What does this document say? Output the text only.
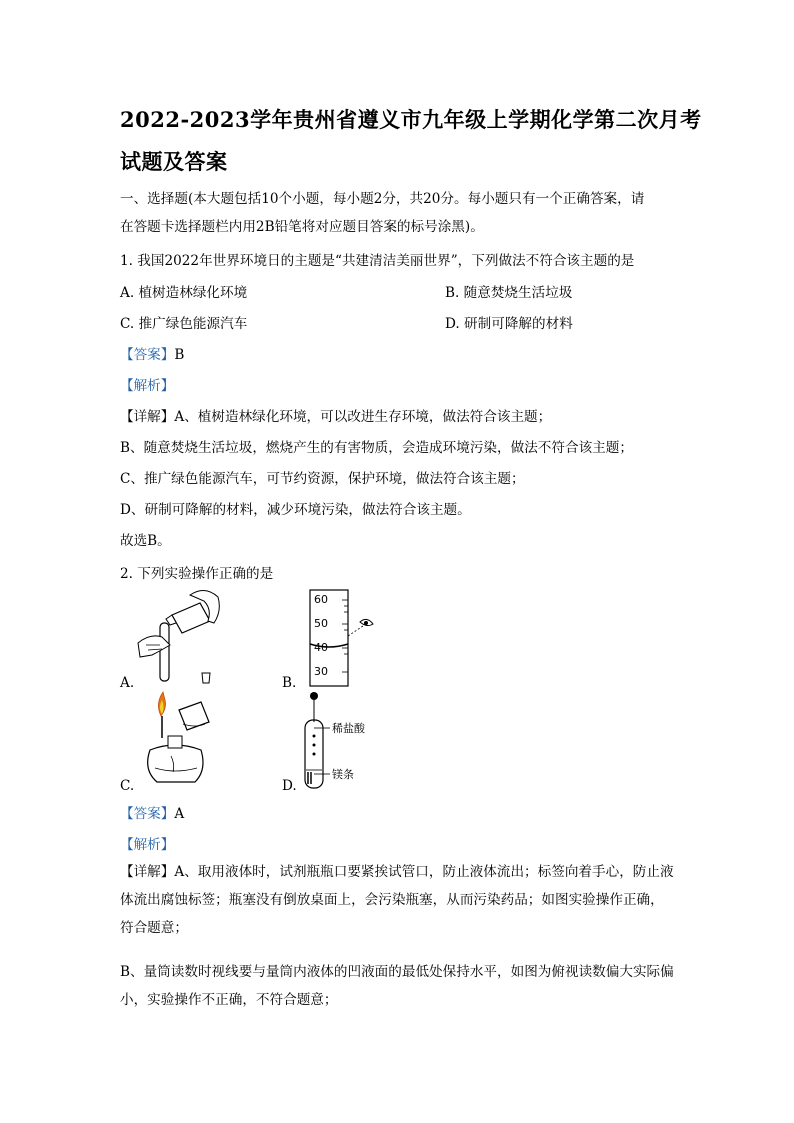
2022-2023学年贵州省遵义市九年级上学期化学第二次月考
试题及答案
一、选择题(本大题包括10个小题，每小题2分，共20分。每小题只有一个正确答案，请
在答题卡选择题栏内用2B铅笔将对应题目答案的标号涂黑)。
1. 我国2022年世界环境日的主题是“共建清洁美丽世界”，下列做法不符合该主题的是
A. 植树造林绿化环境	B. 随意焚烧生活垃圾
C. 推广绿色能源汽车	D. 研制可降解的材料
【答案】B
【解析】
【详解】A、植树造林绿化环境，可以改进生存环境，做法符合该主题；
B、随意焚烧生活垃圾，燃烧产生的有害物质，会造成环境污染，做法不符合该主题；
C、推广绿色能源汽车，可节约资源，保护环境，做法符合该主题；
D、研制可降解的材料，减少环境污染，做法符合该主题。
故选B。
2. 下列实验操作正确的是
A.
60
50
40
30
B.
C.
稀盐酸
镁条
D.
【答案】A
【解析】
【详解】A、取用液体时，试剂瓶瓶口要紧挨试管口，防止液体流出；标签向着手心，防止液体流出腐蚀标签；瓶塞没有倒放桌面上，会污染瓶塞，从而污染药品；如图实验操作正确，符合题意；
B、量筒读数时视线要与量筒内液体的凹液面的最低处保持水平，如图为俯视读数偏大实际偏小，实验操作不正确，不符合题意；
